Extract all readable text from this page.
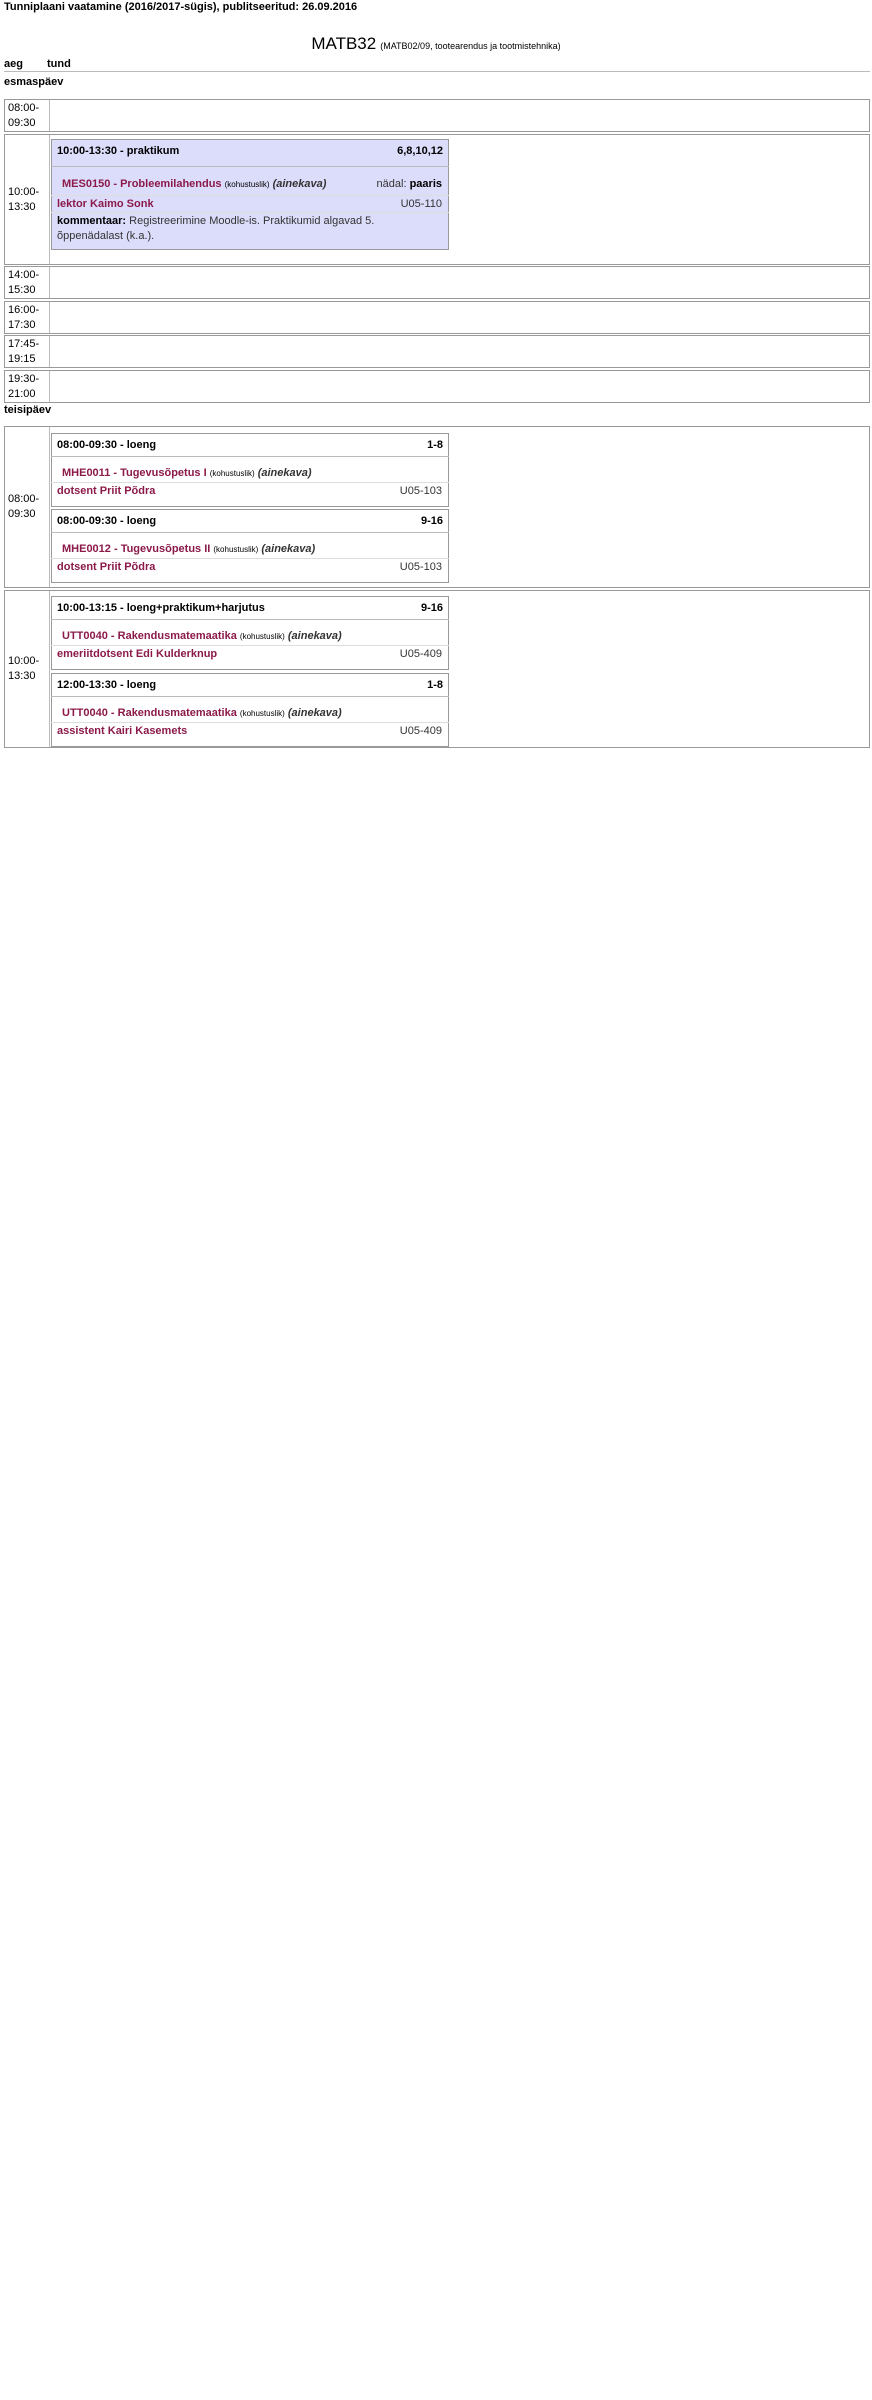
Tunniplaani vaatamine (2016/2017-sügis), publitseeritud: 26.09.2016
MATB32 (MATB02/09, tootearendus ja tootmistehnika)
aeg tund
esmaspäev
08:00-09:30
10:00-13:30
10:00-13:30 - praktikum	6,8,10,12
MES0150 - Probleemilahendus (kohustuslik) (ainekava)	nädal: paaris
lektor Kaimo Sonk	U05-110
kommentaar: Registreerimine Moodle-is. Praktikumid algavad 5. õppenädalast (k.a.).
14:00-15:30
16:00-17:30
17:45-19:15
19:30-21:00
teisipäev
08:00-09:30
08:00-09:30 - loeng	1-8
MHE0011 - Tugevusõpetus I (kohustuslik) (ainekava)
dotsent Priit Põdra	U05-103
08:00-09:30 - loeng	9-16
MHE0012 - Tugevusõpetus II (kohustuslik) (ainekava)
dotsent Priit Põdra	U05-103
10:00-13:30
10:00-13:15 - loeng+praktikum+harjutus	9-16
UTT0040 - Rakendusmatemaatika (kohustuslik) (ainekava)
emeriitdotsent Edi Kulderknup	U05-409
12:00-13:30 - loeng	1-8
UTT0040 - Rakendusmatemaatika (kohustuslik) (ainekava)
assistent Kairi Kasemets	U05-409
